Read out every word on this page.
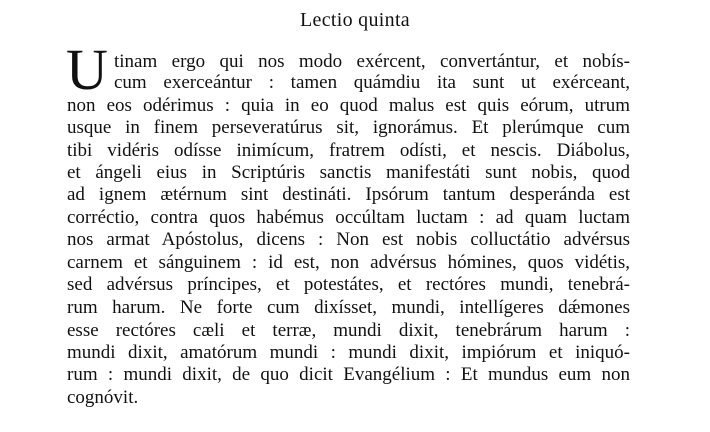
Lectio quinta
U tinam ergo qui nos modo exércent, convertántur, et nobís-
cum exerceántur : tamen quámdiu ita sunt ut exérceant,
non eos odérimus : quia in eo quod malus est quis eórum, utrum
usque in finem perseveratúrus sit, ignorámus. Et plerúmque cum
tibi vidéris odísse inimícum, fratrem odísti, et nescis. Diábolus,
et ángeli eius in Scriptúris sanctis manifestáti sunt nobis, quod
ad ignem ætérnum sint destináti. Ipsórum tantum desperánda est
corréctio, contra quos habémus occúltam luctam : ad quam luctam
nos armat Apóstolus, dicens : Non est nobis colluctátio advérsus
carnem et sánguinem : id est, non advérsus hómines, quos vidétis,
sed advérsus príncipes, et potestátes, et rectóres mundi, tenebrá-
rum harum. Ne forte cum dixísset, mundi, intellígeres dǽmones
esse rectóres cæli et terræ, mundi dixit, tenebrárum harum :
mundi dixit, amatórum mundi : mundi dixit, impiórum et iniquó-
rum : mundi dixit, de quo dicit Evangélium : Et mundus eum non
cognóvit.
